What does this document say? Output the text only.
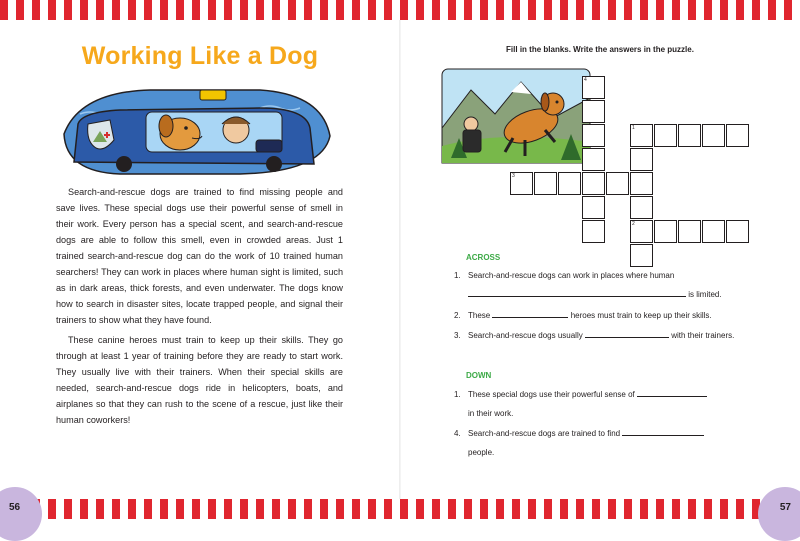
Working Like a Dog

Search-and-rescue dogs are trained to find missing people and save lives. These special dogs use their powerful sense of smell in their work. Every person has a special scent, and search-and-rescue dogs are able to follow this smell, even in crowded areas. Just 1 trained search-and-rescue dog can do the work of 10 trained human searchers! They can work in places where human sight is limited, such as in dark areas, thick forests, and even underwater. The dogs know how to search in disaster sites, locate trapped people, and signal their trainers to show what they have found.

These canine heroes must train to keep up their skills. They go through at least 1 year of training before they are ready to start work. They usually live with their trainers. When their special skills are needed, search-and-rescue dogs ride in helicopters, boats, and airplanes so that they can rush to the scene of a rescue, just like their human coworkers!

56

Fill in the blanks. Write the answers in the puzzle.

4
1
2
3

ACROSS

1. Search-and-rescue dogs can work in places where human
is limited.
2. These	heroes must train to keep up their skills.
3. Search-and-rescue dogs usually	with their trainers.

DOWN

1. These special dogs use their powerful sense of
in their work.
4. Search-and-rescue dogs are trained to find
people.
57
